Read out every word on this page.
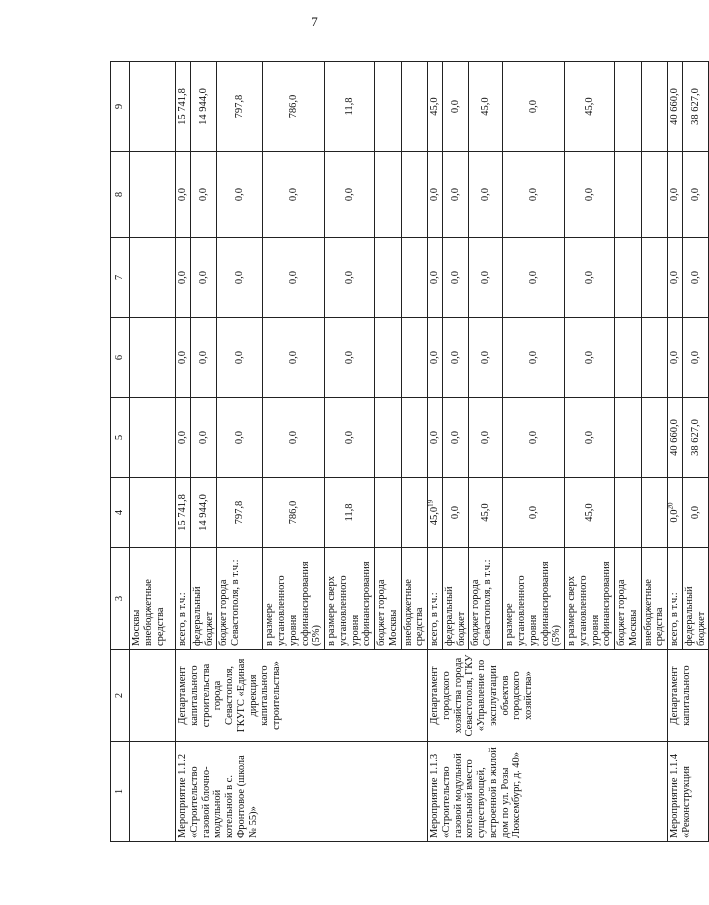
7
1	2	3	4	5	6	7	8	9
		Москвы внебюджетные средства						
Мероприятие 1.1.2 «Строительство газовой блочно-модульной котельной в с. Фронтовое (школа № 55)»	Департамент капитального строительства города Севастополя, ГКУГС «Единая дирекция капитального строительства»	всего, в т.ч.:	15 741,8	0,0	0,0	0,0	0,0	15 741,8
		федеральный бюджет	14 944,0	0,0	0,0	0,0	0,0	14 944,0
		бюджет города Севастополя, в т.ч.:	797,8	0,0	0,0	0,0	0,0	797,8
		в размере установленного уровня софинансирования (5%)	786,0	0,0	0,0	0,0	0,0	786,0
		в размере сверх установленного уровня софинансирования	11,8	0,0	0,0	0,0	0,0	11,8
		бюджет города Москвы						
		внебюджетные средства						
Мероприятие 1.1.3 «Строительство газовой модульной котельной вместо существующей, встроенной в жилой дом по ул. Розы Люксембург, д. 40»	Департамент городского хозяйства города Севастополя, ГКУ «Управление по эксплуатации объектов городского хозяйства»	всего, в т.ч.:	45,0$^{19}$	0,0	0,0	0,0	0,0	45,0
		федеральный бюджет	0,0	0,0	0,0	0,0	0,0	0,0
		бюджет города Севастополя, в т.ч.:	45,0	0,0	0,0	0,0	0,0	45,0
		в размере установленного уровня софинансирования (5%)	0,0	0,0	0,0	0,0	0,0	0,0
		в размере сверх установленного уровня софинансирования	45,0	0,0	0,0	0,0	0,0	45,0
		бюджет города Москвы						
		внебюджетные средства						
Мероприятие 1.1.4 «Реконструкция	Департамент капитального	всего, в т.ч.:	$0,0^{20}$	40 660,0	0,0	0,0	0,0	40 660,0
		федеральный бюджет	0,0	38 627,0	0,0	0,0	0,0	38 627,0
